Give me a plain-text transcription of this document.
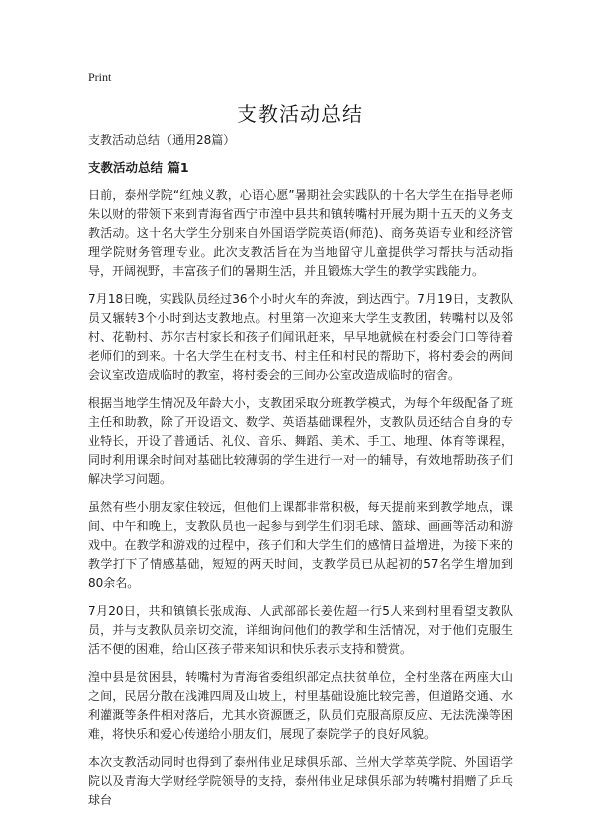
Print
支教活动总结

支教活动总结（通用28篇）

支教活动总结 篇1

日前，泰州学院“红烛义教，心语心愿”暑期社会实践队的十名大学生在指导老师朱以财的带领下来到青海省西宁市湟中县共和镇转嘴村开展为期十五天的义务支教活动。这十名大学生分别来自外国语学院英语(师范)、商务英语专业和经济管理学院财务管理专业。此次支教活旨在为当地留守儿童提供学习帮扶与活动指导，开阔视野，丰富孩子们的暑期生活，并且锻炼大学生的教学实践能力。

7月18日晚，实践队员经过36个小时火车的奔波，到达西宁。7月19日，支教队员又辗转3个小时到达支教地点。村里第一次迎来大学生支教团，转嘴村以及邻村、花勒村、苏尔吉村家长和孩子们闻讯赶来，早早地就候在村委会门口等待着老师们的到来。十名大学生在村支书、村主任和村民的帮助下，将村委会的两间会议室改造成临时的教室，将村委会的三间办公室改造成临时的宿舍。

根据当地学生情况及年龄大小，支教团采取分班教学模式，为每个年级配备了班主任和助教，除了开设语文、数学、英语基础课程外，支教队员还结合自身的专业特长，开设了普通话、礼仪、音乐、舞蹈、美术、手工、地理、体育等课程，同时利用课余时间对基础比较薄弱的学生进行一对一的辅导，有效地帮助孩子们解决学习问题。

虽然有些小朋友家住较远，但他们上课都非常积极，每天提前来到教学地点，课间、中午和晚上，支教队员也一起参与到学生们羽毛球、篮球、画画等活动和游戏中。在教学和游戏的过程中，孩子们和大学生们的感情日益增进，为接下来的教学打下了情感基础，短短的两天时间，支教学员已从起初的57名学生增加到80余名。

7月20日，共和镇镇长张成海、人武部部长姜佐超一行5人来到村里看望支教队员，并与支教队员亲切交流，详细询问他们的教学和生活情况，对于他们克服生活不便的困难，给山区孩子带来知识和快乐表示支持和赞赏。

湟中县是贫困县，转嘴村为青海省委组织部定点扶贫单位，全村坐落在两座大山之间，民居分散在浅滩四周及山坡上，村里基础设施比较完善，但道路交通、水利灌溉等条件相对落后，尤其水资源匮乏，队员们克服高原反应、无法洗澡等困难，将快乐和爱心传递给小朋友们，展现了泰院学子的良好风貌。

本次支教活动同时也得到了泰州伟业足球俱乐部、兰州大学萃英学院、外国语学院以及青海大学财经学院领导的支持，泰州伟业足球俱乐部为转嘴村捐赠了乒乓球台
